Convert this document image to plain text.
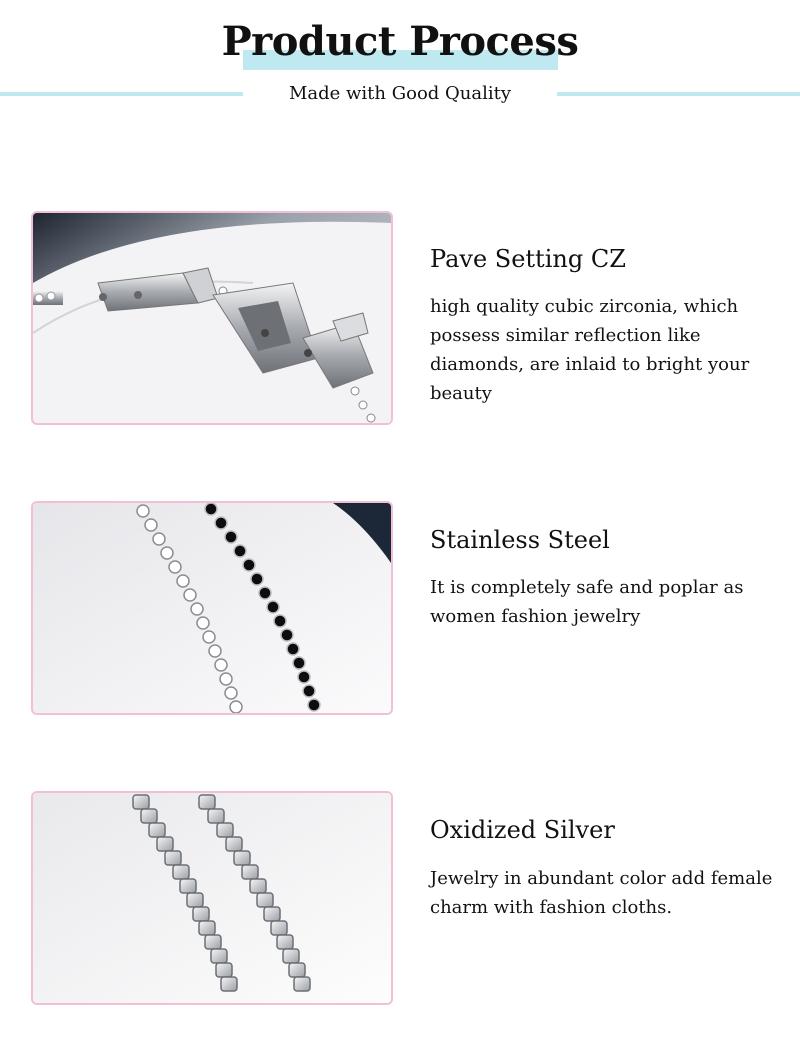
Product Process
Made with Good Quality
Pave Setting CZ
high quality cubic zirconia, which possess similar reflection like diamonds, are inlaid to bright your beauty
Stainless Steel
It is completely safe and poplar as women fashion jewelry
Oxidized Silver
Jewelry in abundant color add female charm with fashion cloths.
